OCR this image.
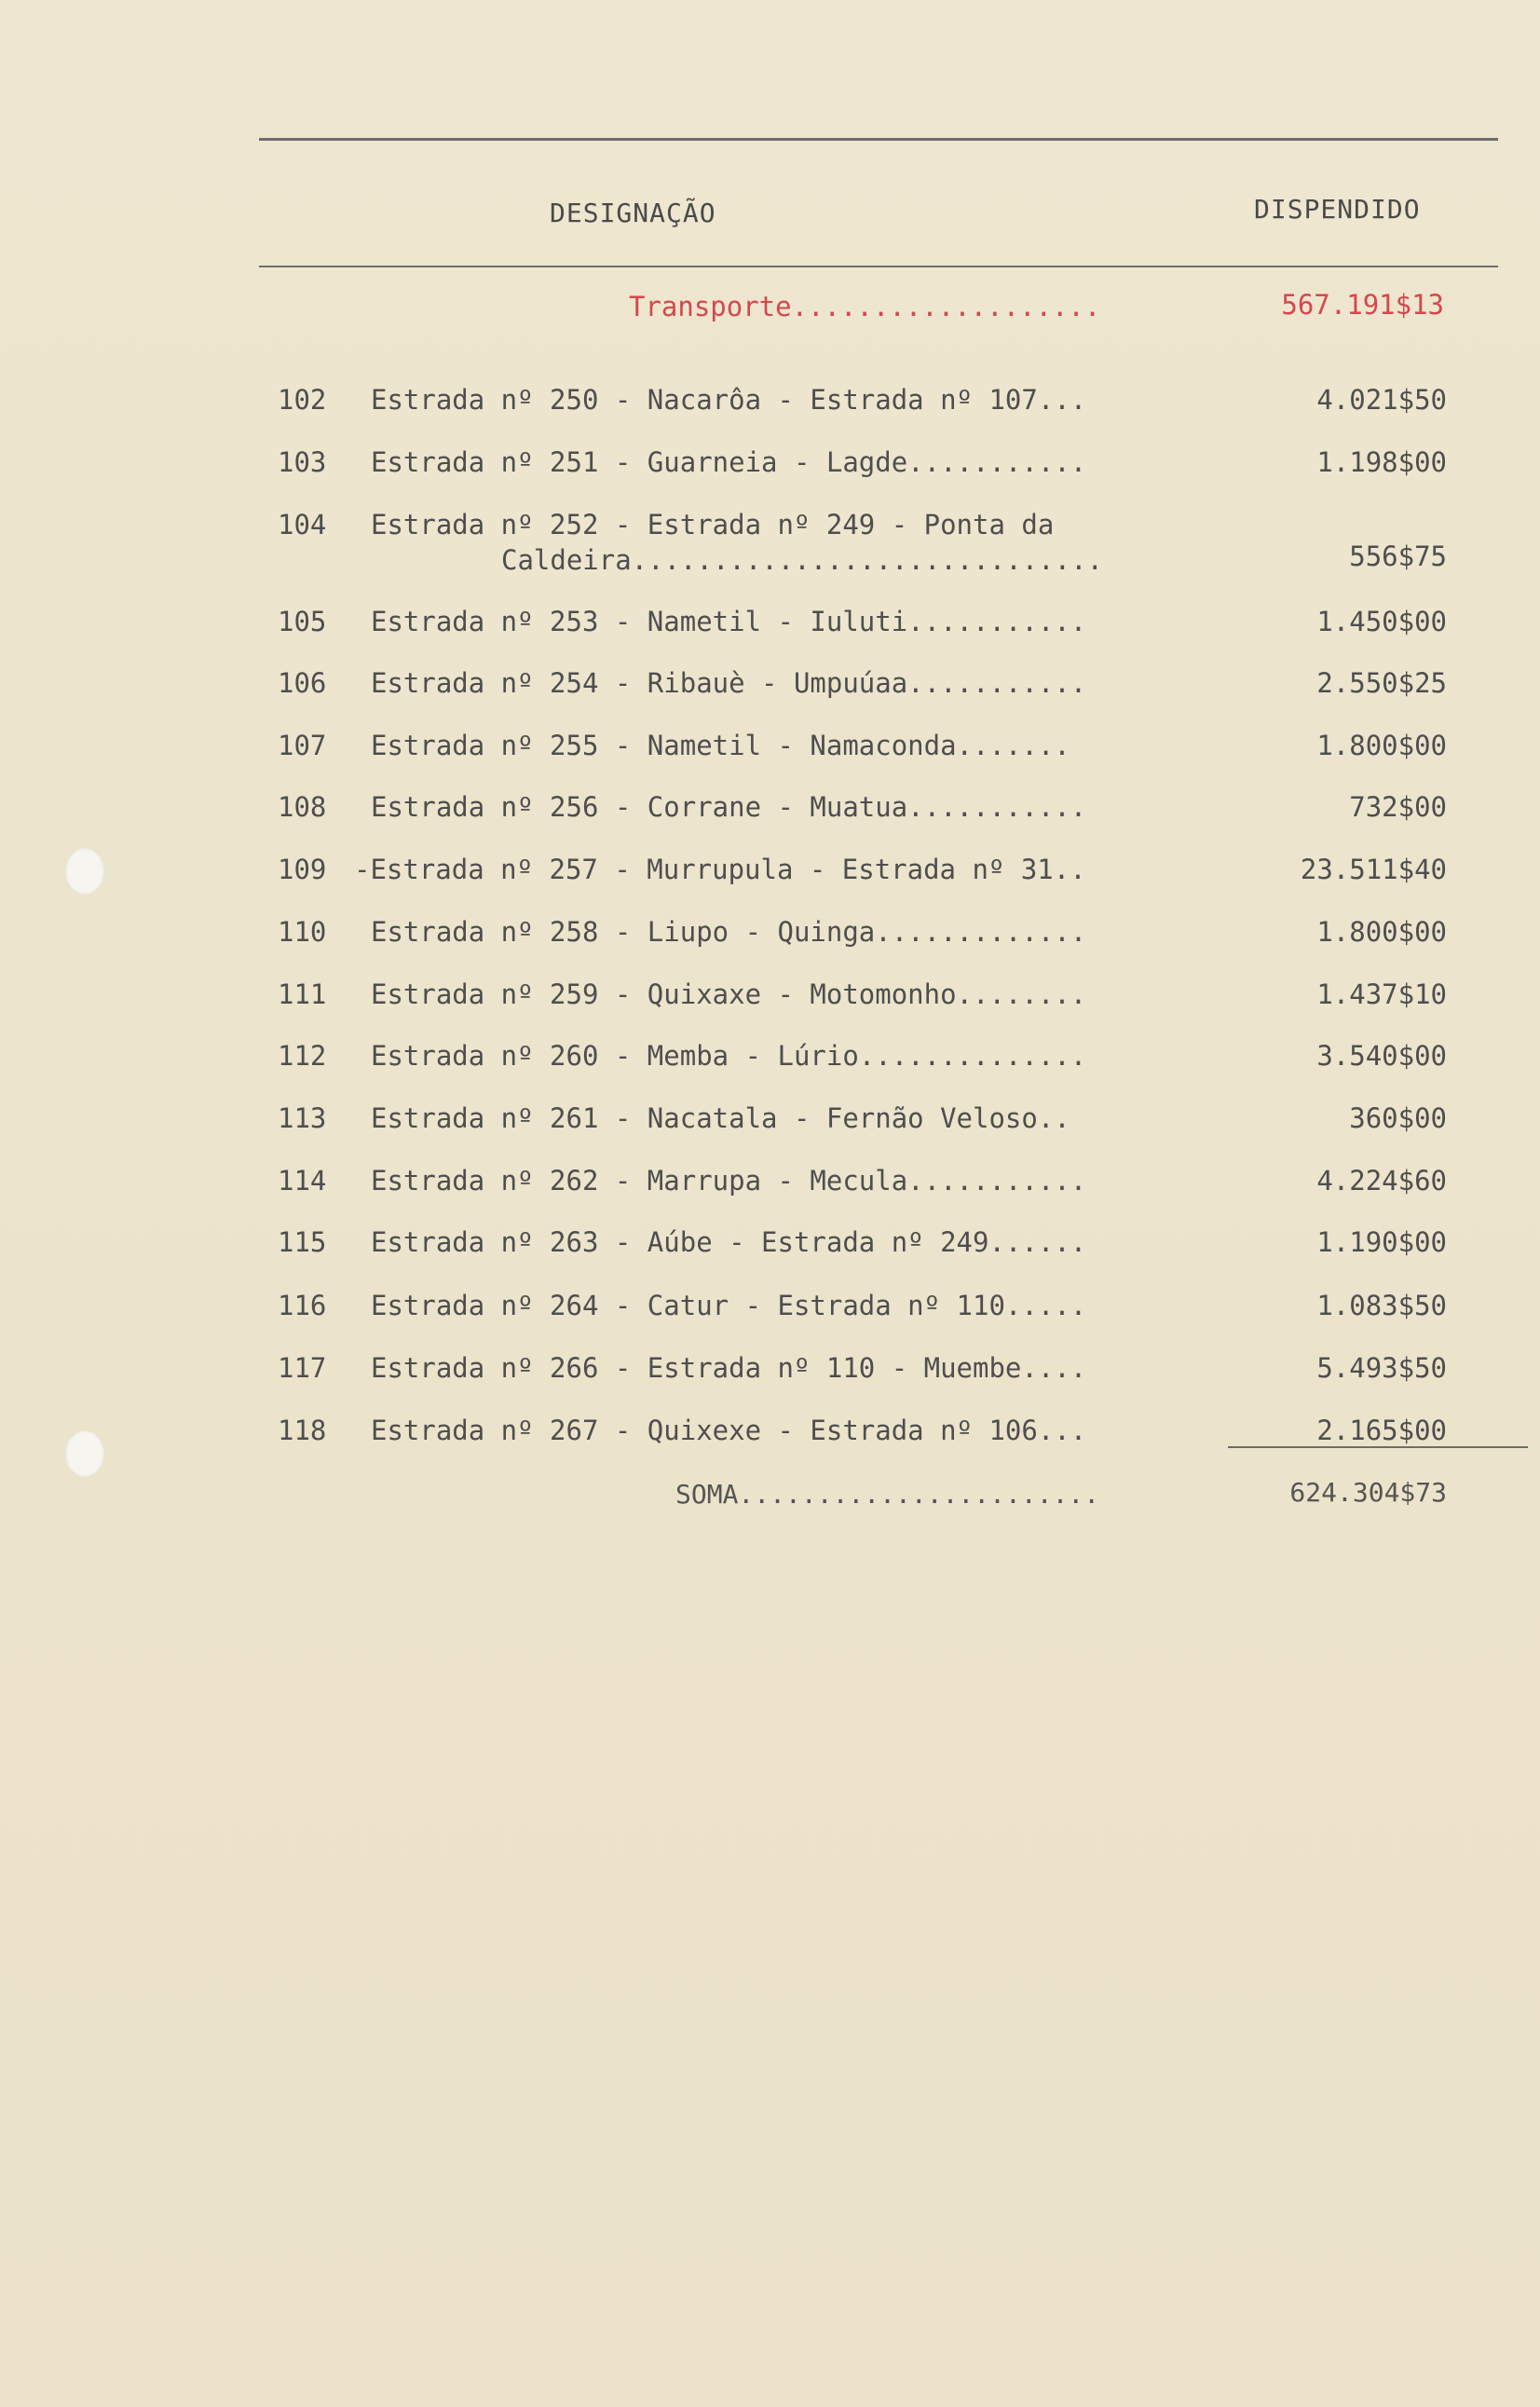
DESIGNAÇÃO	DISPENDIDO
Transporte...................	567.191$13
102	Estrada nº 250 - Nacarôa - Estrada nº 107...	4.021$50
103	Estrada nº 251 - Guarneia - Lagde...........	1.198$00
104	Estrada nº 252 - Estrada nº 249 - Ponta da
Caldeira.............................	556$75
105	Estrada nº 253 - Nametil - Iuluti...........	1.450$00
106	Estrada nº 254 - Ribauè - Umpuúaa...........	2.550$25
107	Estrada nº 255 - Nametil - Namaconda.......	1.800$00
108	Estrada nº 256 - Corrane - Muatua...........	732$00
109	-Estrada nº 257 - Murrupula - Estrada nº 31..	23.511$40
110	Estrada nº 258 - Liupo - Quinga.............	1.800$00
111	Estrada nº 259 - Quixaxe - Motomonho........	1.437$10
112	Estrada nº 260 - Memba - Lúrio..............	3.540$00
113	Estrada nº 261 - Nacatala - Fernão Veloso..	360$00
114	Estrada nº 262 - Marrupa - Mecula...........	4.224$60
115	Estrada nº 263 - Aúbe - Estrada nº 249......	1.190$00
116	Estrada nº 264 - Catur - Estrada nº 110.....	1.083$50
117	Estrada nº 266 - Estrada nº 110 - Muembe....	5.493$50
118	Estrada nº 267 - Quixexe - Estrada nº 106...	2.165$00
SOMA.......................	624.304$73
